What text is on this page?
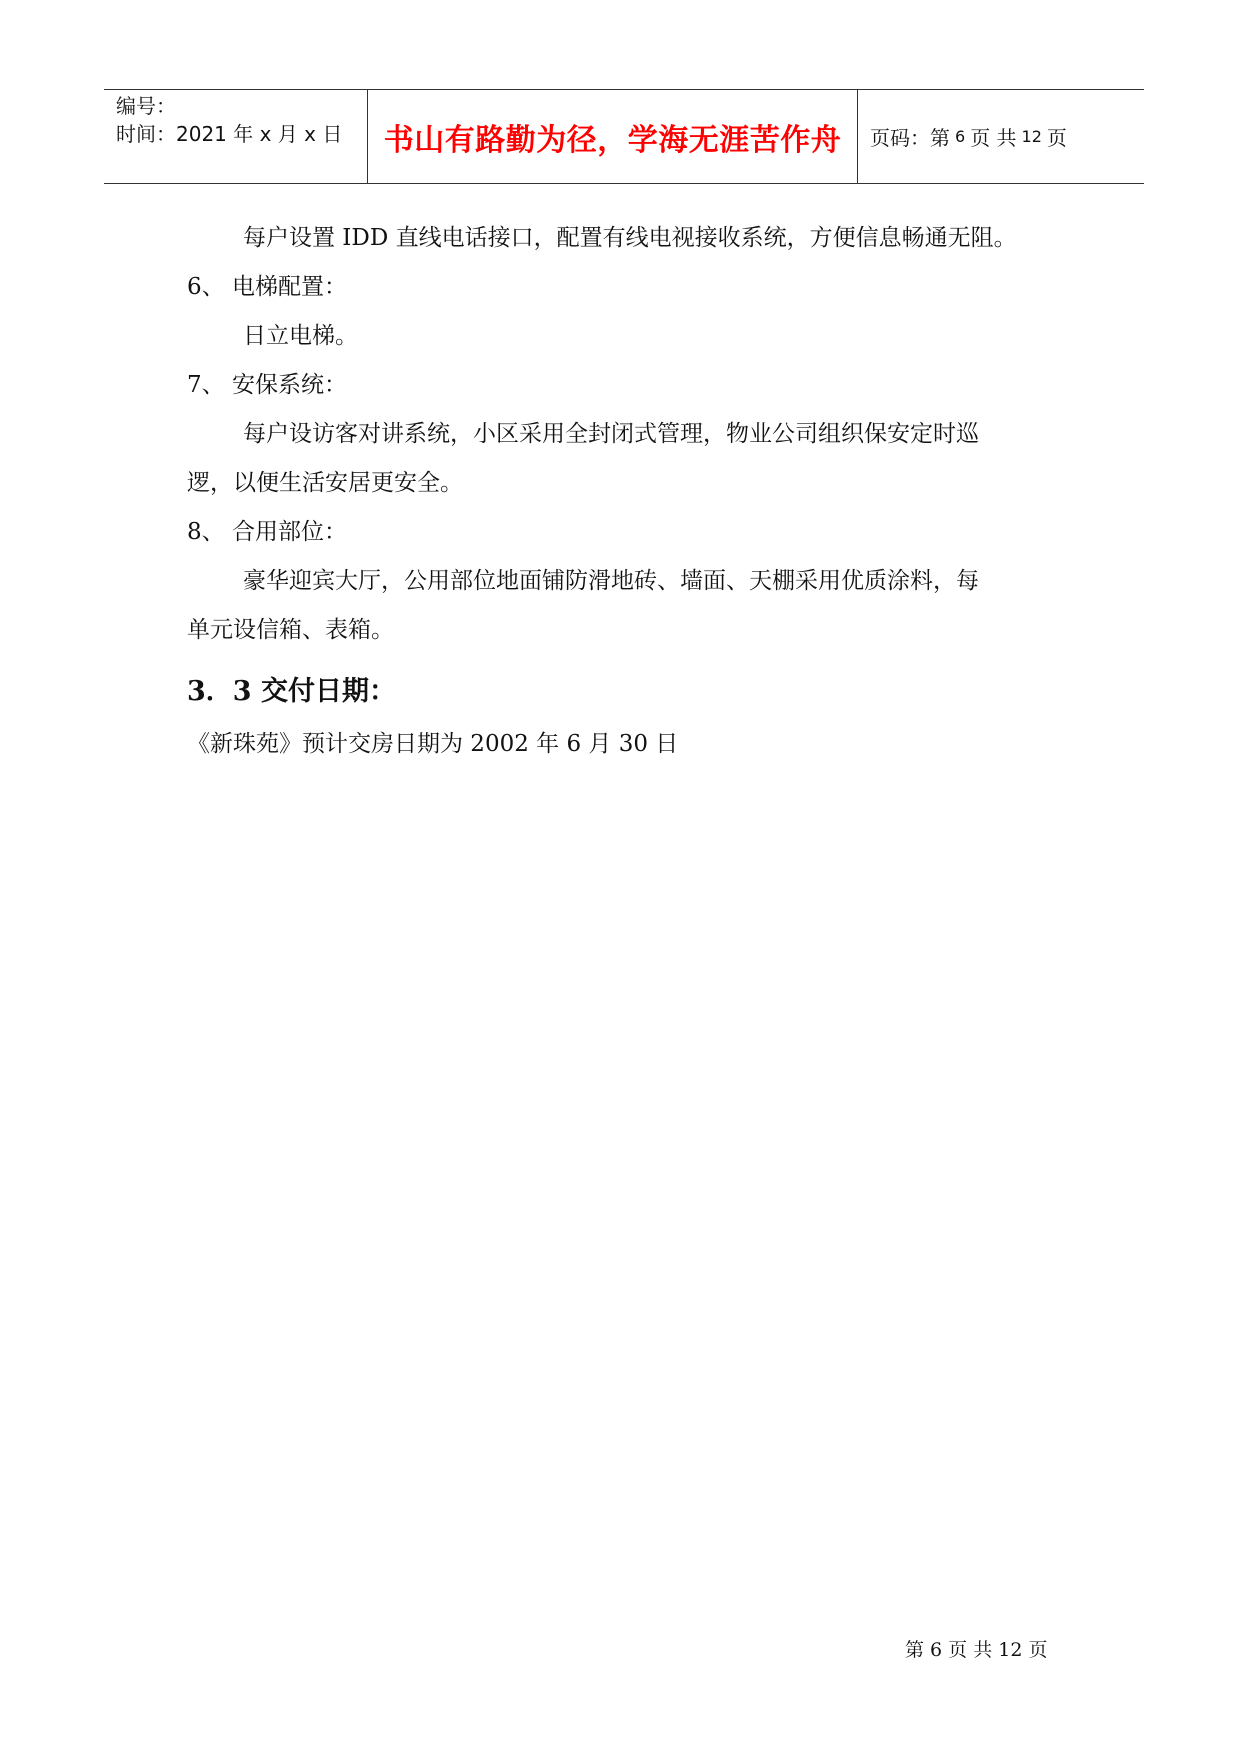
编号：
时间：2021 年 x 月 x 日	书山有路勤为径，学海无涯苦作舟 页码：第 6 页 共 12 页
每户设置 IDD 直线电话接口，配置有线电视接收系统，方便信息畅通无阻。
6、 电梯配置：
日立电梯。
7、 安保系统：
每户设访客对讲系统，小区采用全封闭式管理，物业公司组织保安定时巡
逻，以便生活安居更安全。
8、 合用部位：
豪华迎宾大厅，公用部位地面铺防滑地砖、墙面、天棚采用优质涂料，每
单元设信箱、表箱。
3．3 交付日期：
《新珠苑》预计交房日期为 2002 年 6 月 30 日
第 6 页 共 12 页
